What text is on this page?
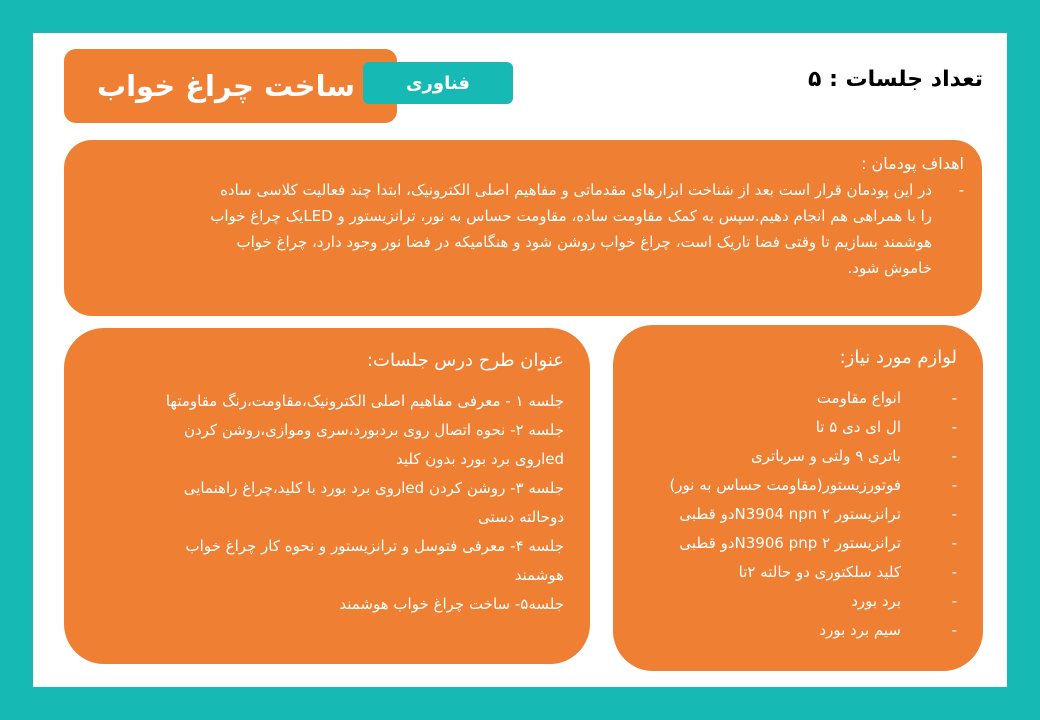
ساخت چراغ خواب	فناوری	تعداد جلسات : ۵
اهداف پودمان :
-
در این پودمان قرار است بعد از شناخت ابزارهای مقدماتی و مفاهیم اصلی الکترونیک، ابتدا چند فعالیت کلاسی ساده
را با همراهی هم انجام دهیم.سپس به کمک مقاومت ساده، مقاومت حساس به نور، ترانزیستور و LEDیک چراغ خواب
هوشمند بسازیم تا وقتی فضا تاریک است، چراغ خواب روشن شود و هنگامیکه در فضا نور وجود دارد، چراغ خواب
خاموش شود.
لوازم مورد نیاز:
-
انواع مقاومت
-
ال ای دی ۵ تا
-
باتری ۹ ولتی و سرباتری
-
فوتورزیستور(مقاومت حساس به نور)
-
ترانزیستور ۲ N3904 npnدو قطبی
-
ترانزیستور ۲ N3906 pnpدو قطبی
-
کلید سلکتوری دو حالته ۲تا
-
برد بورد
-
سیم برد بورد
عنوان طرح درس جلسات:
جلسه ۱ - معرفی مفاهیم اصلی الکترونیک،مقاومت،رنگ مقاومتها
جلسه ۲- نحوه اتصال روی بردبورد،سری وموازی،روشن کردن
ledروی برد بورد بدون کلید
جلسه ۳- روشن کردن ledروی برد بورد با کلید،چراغ راهنمایی
دوحالته دستی
جلسه ۴- معرفی فتوسل و ترانزیستور و نحوه کار چراغ خواب
هوشمند
جلسه۵- ساخت چراغ خواب هوشمند
